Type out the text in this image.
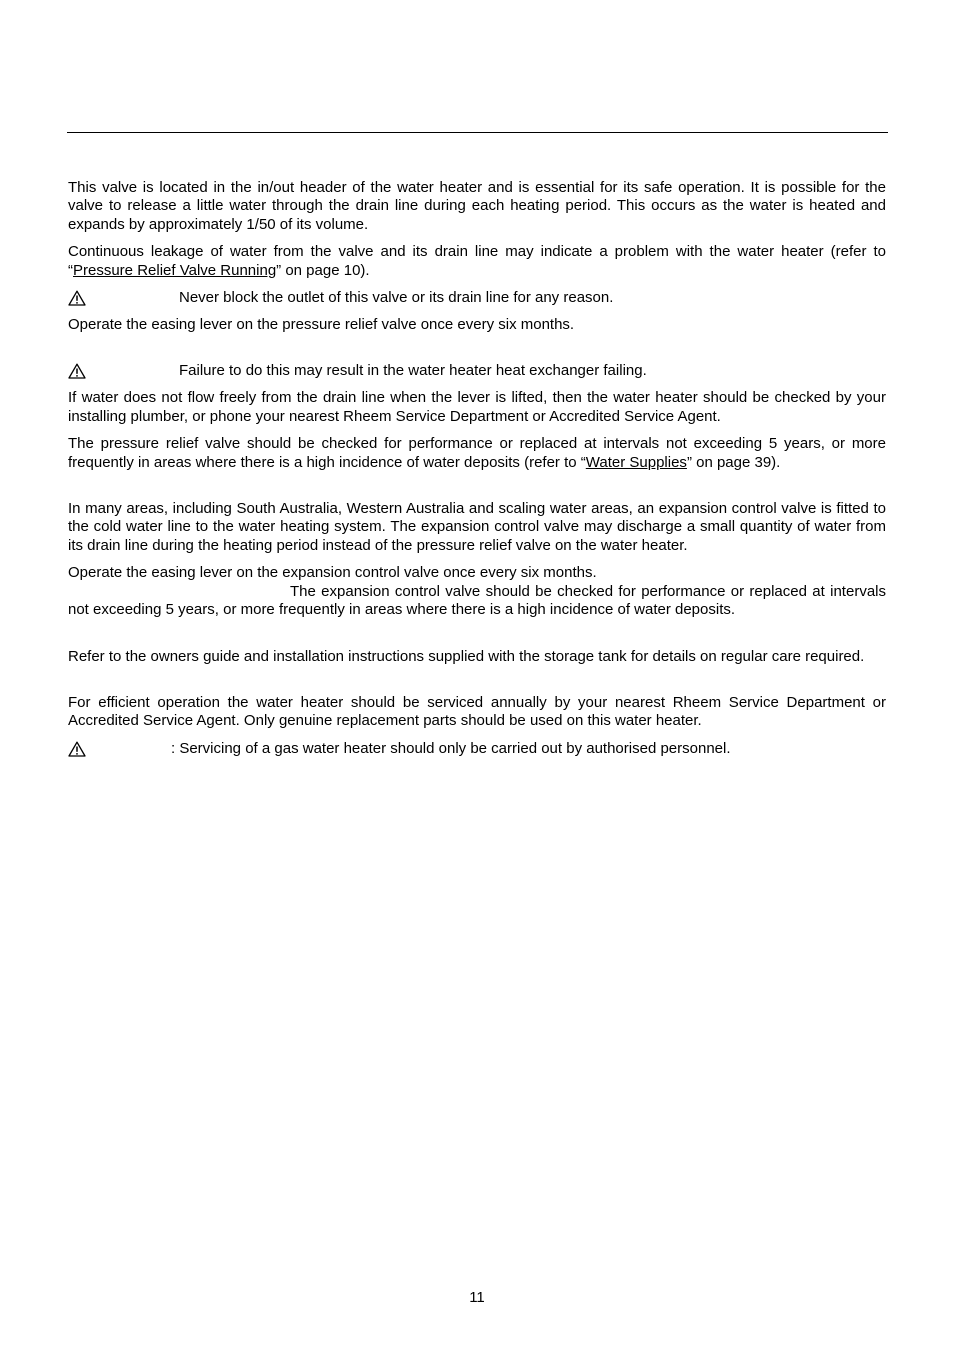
This valve is located in the in/out header of the water heater and is essential for its safe operation. It is possible for the valve to release a little water through the drain line during each heating period. This occurs as the water is heated and expands by approximately 1/50 of its volume.

Continuous leakage of water from the valve and its drain line may indicate a problem with the water heater (refer to “Pressure Relief Valve Running” on page 10).

Never block the outlet of this valve or its drain line for any reason.

Operate the easing lever on the pressure relief valve once every six months.

Failure to do this may result in the water heater heat exchanger failing.

If water does not flow freely from the drain line when the lever is lifted, then the water heater should be checked by your installing plumber, or phone your nearest Rheem Service Department or Accredited Service Agent.

The pressure relief valve should be checked for performance or replaced at intervals not exceeding 5 years, or more frequently in areas where there is a high incidence of water deposits (refer to “Water Supplies” on page 39).

In many areas, including South Australia, Western Australia and scaling water areas, an expansion control valve is fitted to the cold water line to the water heating system. The expansion control valve may discharge a small quantity of water from its drain line during the heating period instead of the pressure relief valve on the water heater.

Operate the easing lever on the expansion control valve once every six months.

The expansion control valve should be checked for performance or replaced at intervals not exceeding 5 years, or more frequently in areas where there is a high incidence of water deposits.

Refer to the owners guide and installation instructions supplied with the storage tank for details on regular care required.

For efficient operation the water heater should be serviced annually by your nearest Rheem Service Department or Accredited Service Agent. Only genuine replacement parts should be used on this water heater.

: Servicing of a gas water heater should only be carried out by authorised personnel.
11
